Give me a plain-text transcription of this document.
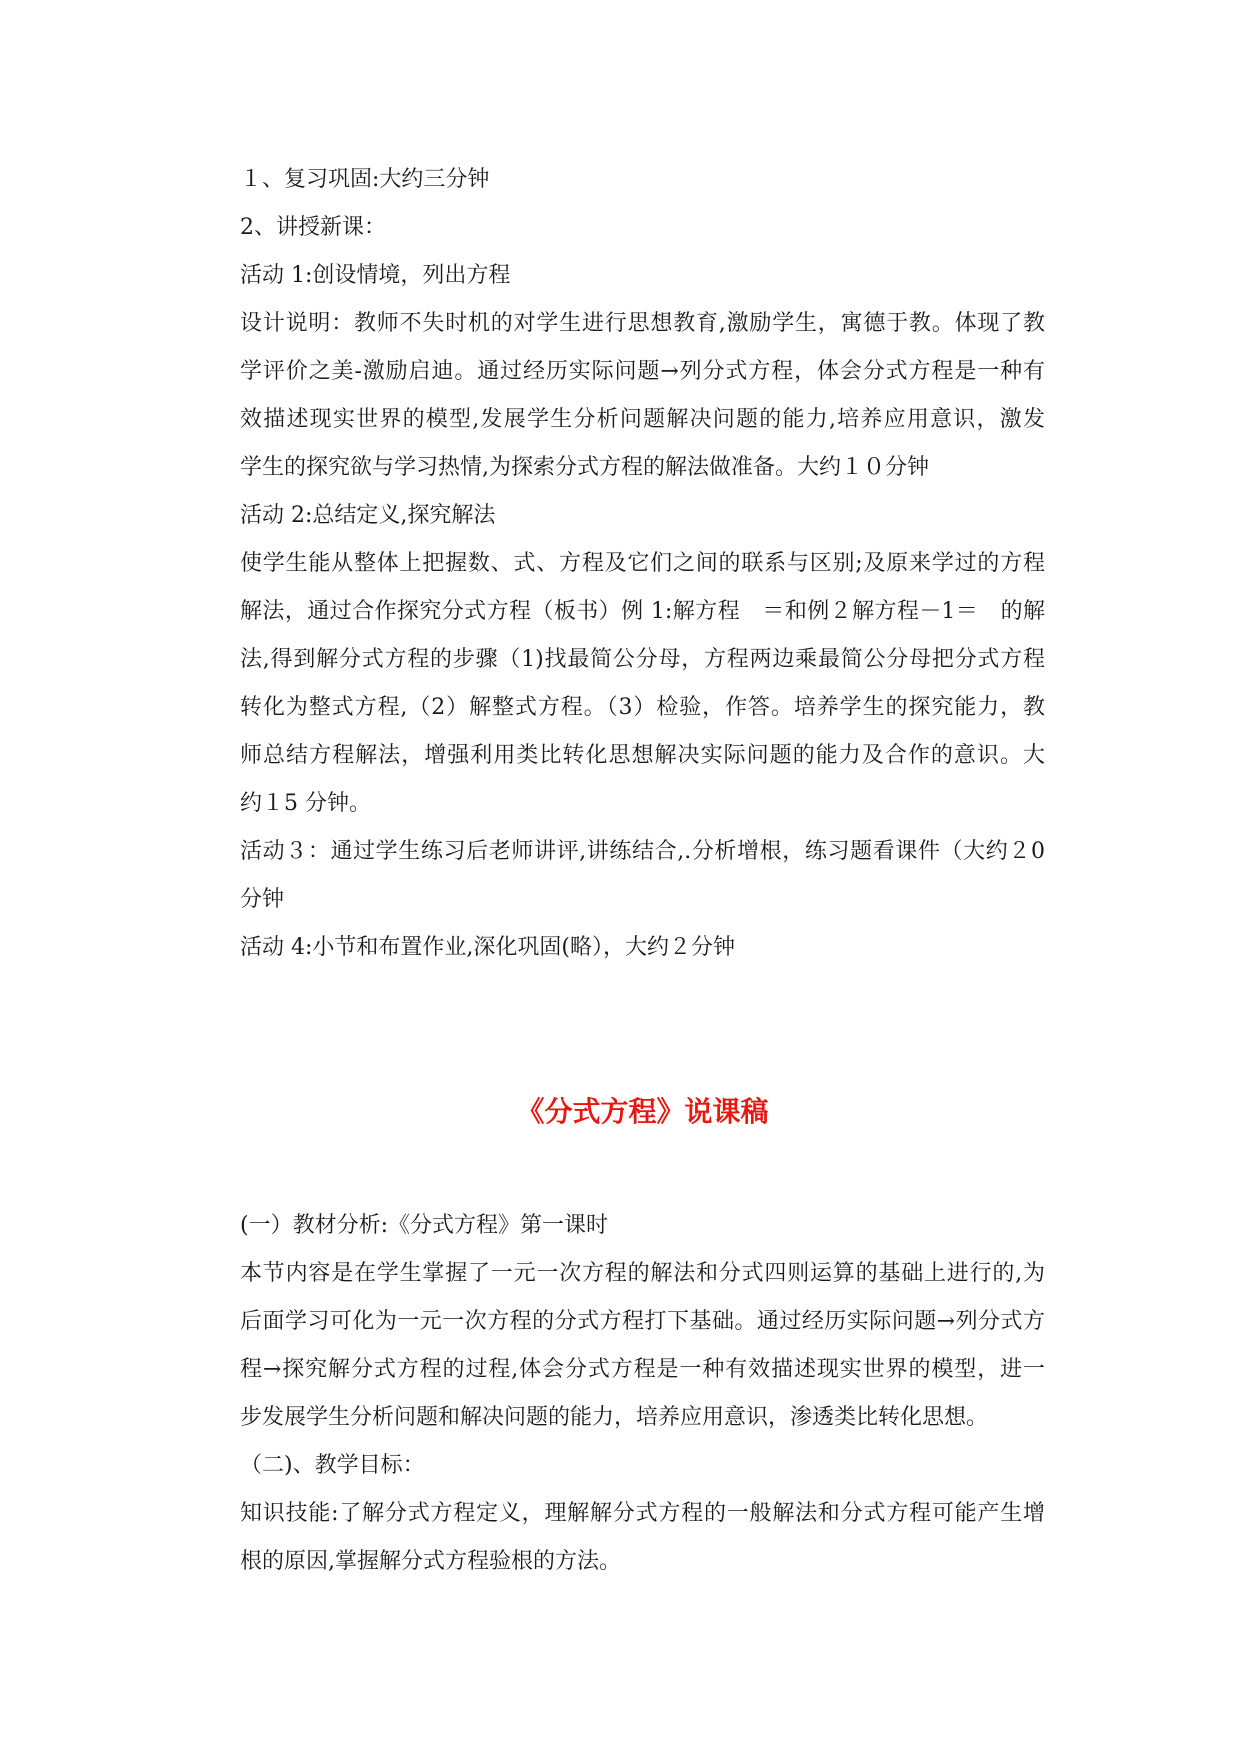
１、复习巩固:大约三分钟

2、讲授新课：

活动 1:创设情境，列出方程

设计说明：教师不失时机的对学生进行思想教育,激励学生，寓德于教。体现了教

学评价之美-激励启迪。通过经历实际问题→列分式方程，体会分式方程是一种有

效描述现实世界的模型,发展学生分析问题解决问题的能力,培养应用意识，激发

学生的探究欲与学习热情,为探索分式方程的解法做准备。大约１０分钟

活动 2:总结定义,探究解法

使学生能从整体上把握数、式、方程及它们之间的联系与区别;及原来学过的方程

解法，通过合作探究分式方程（板书）例 1:解方程　＝和例２解方程－1＝　的解

法,得到解分式方程的步骤（1)找最简公分母，方程两边乘最简公分母把分式方程

转化为整式方程,（2）解整式方程。（3）检验，作答。培养学生的探究能力，教

师总结方程解法，增强利用类比转化思想解决实际问题的能力及合作的意识。大

约１5 分钟。

活动３：通过学生练习后老师讲评,讲练结合,.分析增根，练习题看课件（大约２0

分钟

活动 4:小节和布置作业,深化巩固(略），大约２分钟

《分式方程》说课稿

(一）教材分析:《分式方程》第一课时

本节内容是在学生掌握了一元一次方程的解法和分式四则运算的基础上进行的,为

后面学习可化为一元一次方程的分式方程打下基础。通过经历实际问题→列分式方

程→探究解分式方程的过程,体会分式方程是一种有效描述现实世界的模型，进一

步发展学生分析问题和解决问题的能力，培养应用意识，渗透类比转化思想。

（二)、教学目标：

知识技能:了解分式方程定义，理解解分式方程的一般解法和分式方程可能产生增

根的原因,掌握解分式方程验根的方法。
